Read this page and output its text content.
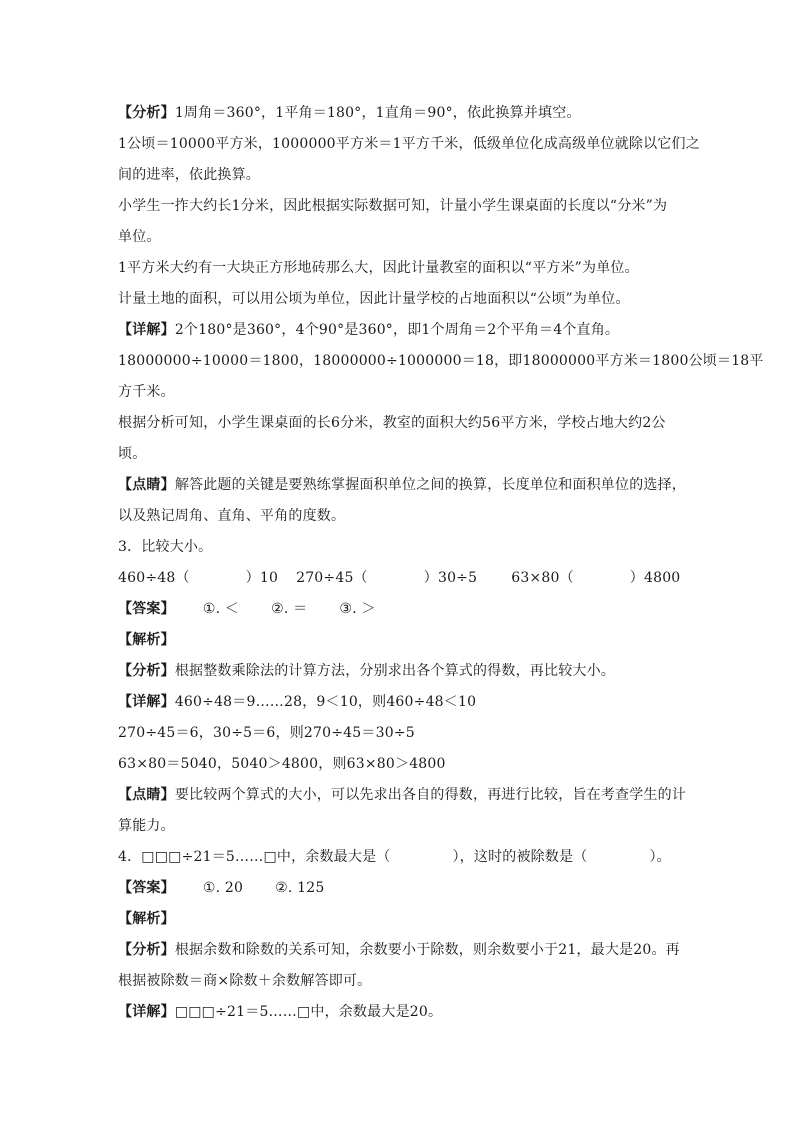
【分析】1周角＝360°，1平角＝180°，1直角＝90°，依此换算并填空。
1公顷＝10000平方米，1000000平方米＝1平方千米，低级单位化成高级单位就除以它们之
间的进率，依此换算。
小学生一拃大约长1分米，因此根据实际数据可知，计量小学生课桌面的长度以“分米”为
单位。
1平方米大约有一大块正方形地砖那么大，因此计量教室的面积以“平方米”为单位。
计量土地的面积，可以用公顷为单位，因此计量学校的占地面积以“公顷”为单位。
【详解】2个180°是360°，4个90°是360°，即1个周角＝2个平角＝4个直角。
18000000÷10000＝1800，18000000÷1000000＝18，即18000000平方米＝1800公顷＝18平
方千米。
根据分析可知，小学生课桌面的长6分米，教室的面积大约56平方米，学校占地大约2公
顷。
【点睛】解答此题的关键是要熟练掌握面积单位之间的换算，长度单位和面积单位的选择，
以及熟记周角、直角、平角的度数。
3．比较大小。
460÷48（	）10 270÷45（	）30÷5 63×80（	）4800
【答案】 ①. ＜ ②. ＝ ③. ＞
【解析】
【分析】根据整数乘除法的计算方法，分别求出各个算式的得数，再比较大小。
【详解】460÷48＝9……28，9＜10，则460÷48＜10
270÷45＝6，30÷5＝6，则270÷45＝30÷5
63×80＝5040，5040＞4800，则63×80＞4800
【点睛】要比较两个算式的大小，可以先求出各自的得数，再进行比较，旨在考查学生的计
算能力。
4．□□□÷21＝5……□中，余数最大是（	），这时的被除数是（	）。
【答案】 ①. 20 ②. 125
【解析】
【分析】根据余数和除数的关系可知，余数要小于除数，则余数要小于21，最大是20。再
根据被除数＝商×除数＋余数解答即可。
【详解】□□□÷21＝5……□中，余数最大是20。
